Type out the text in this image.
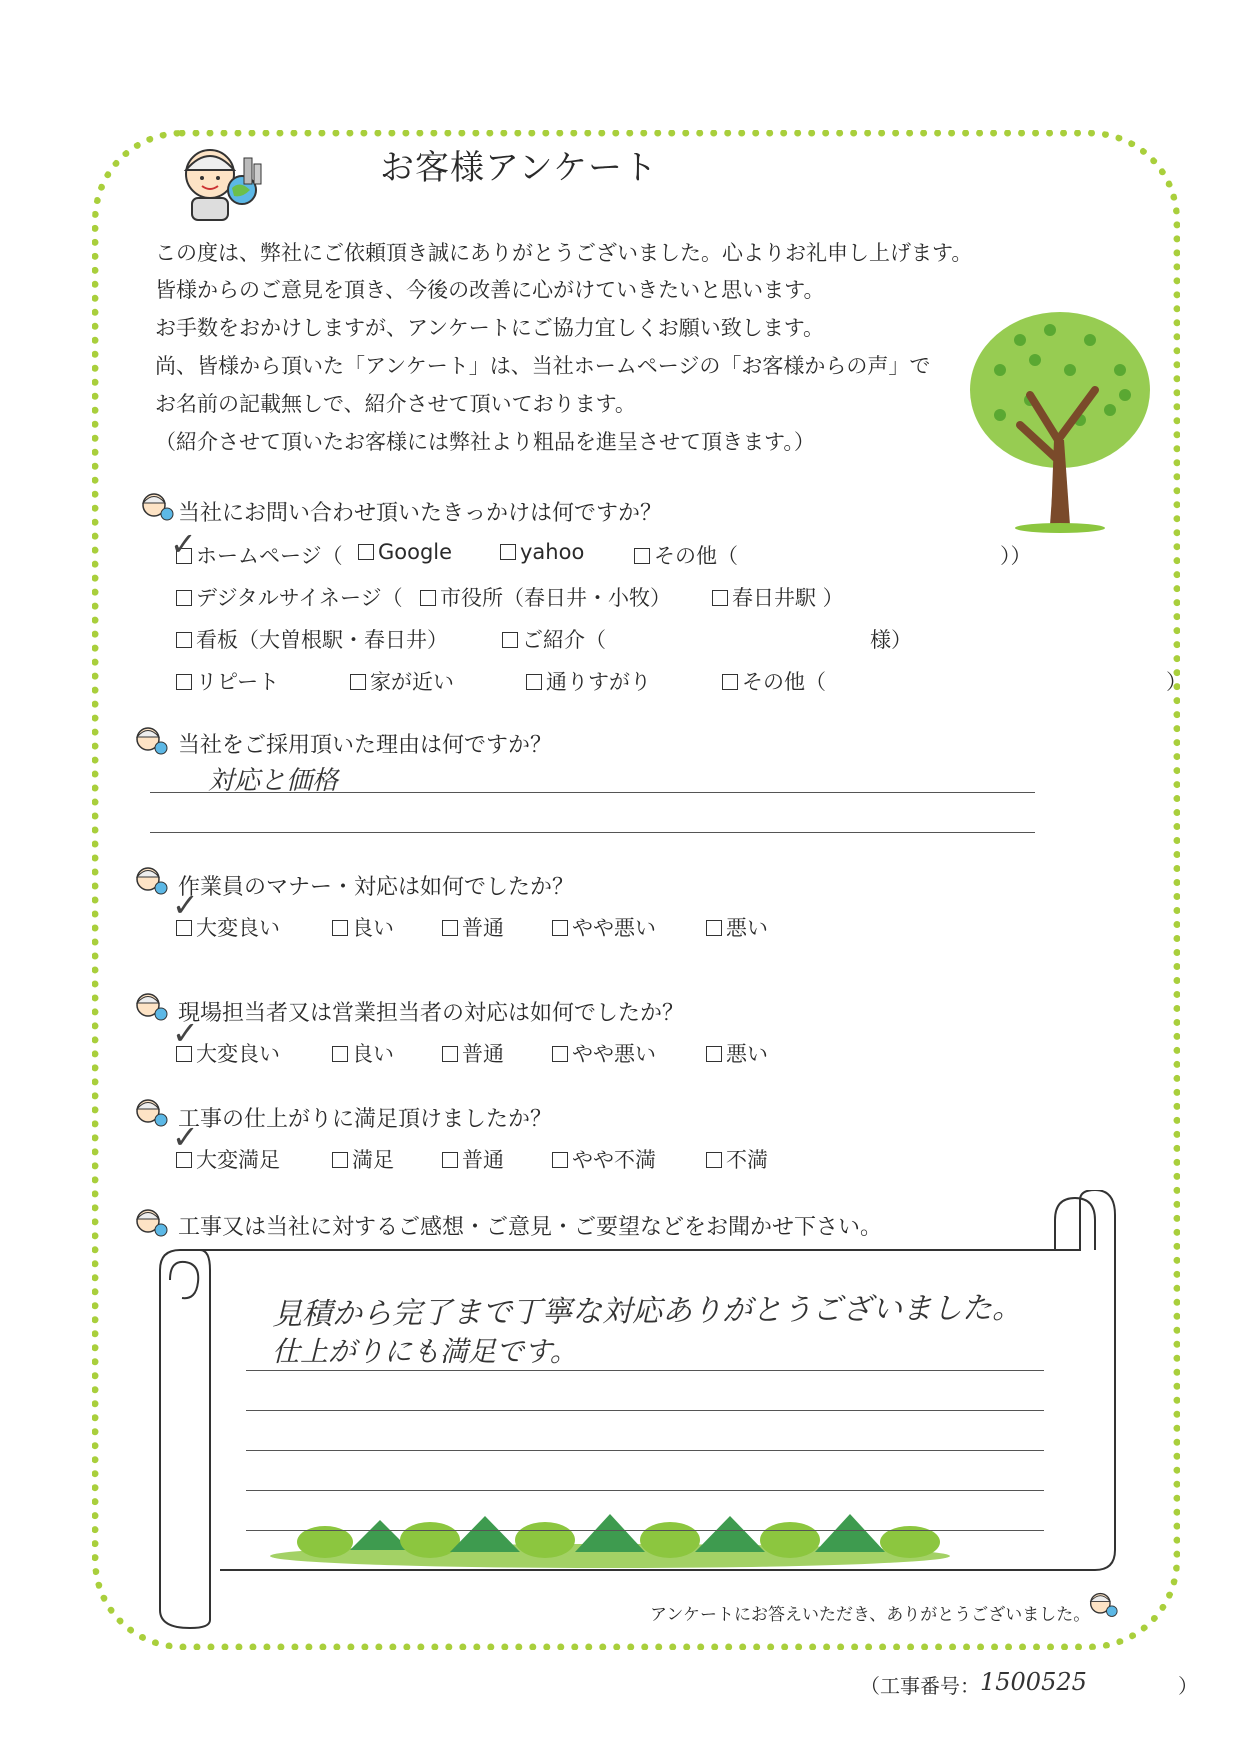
お客様アンケート
この度は、弊社にご依頼頂き誠にありがとうございました。心よりお礼申し上げます。
皆様からのご意見を頂き、今後の改善に心がけていきたいと思います。
お手数をおかけしますが、アンケートにご協力宜しくお願い致します。
尚、皆様から頂いた「アンケート」は、当社ホームページの「お客様からの声」で
お名前の記載無しで、紹介させて頂いております。
（紹介させて頂いたお客様には弊社より粗品を進呈させて頂きます。）
当社にお問い合わせ頂いたきっかけは何ですか？
ホームページ（
✓	Google	yahoo	その他（	））
デジタルサイネージ（	市役所（春日井・小牧）	春日井駅 ）
看板（大曽根駅・春日井）	ご紹介（	様）
リピート	家が近い	通りすがり	その他（	）
当社をご採用頂いた理由は何ですか？
対応と価格
作業員のマナー・対応は如何でしたか？
大変良い
✓
良い	普通	やや悪い	悪い
現場担当者又は営業担当者の対応は如何でしたか？
大変良い
✓
良い	普通	やや悪い	悪い
工事の仕上がりに満足頂けましたか？
大変満足
✓
満足	普通	やや不満	不満
工事又は当社に対するご感想・ご意見・ご要望などをお聞かせ下さい。
見積から完了まで丁寧な対応ありがとうございました。
仕上がりにも満足です。
アンケートにお答えいただき、ありがとうございました。
（工事番号： 1500525	）
